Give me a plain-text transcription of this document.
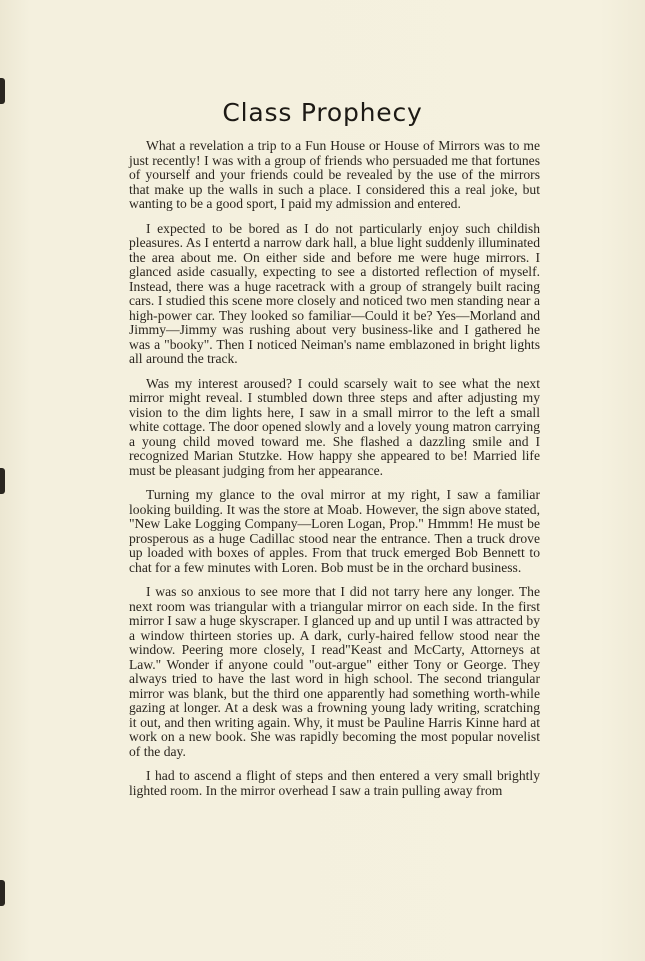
Class Prophecy

What a revelation a trip to a Fun House or House of Mirrors was to me just recently! I was with a group of friends who persuaded me that fortunes of yourself and your friends could be revealed by the use of the mirrors that make up the walls in such a place. I considered this a real joke, but wanting to be a good sport, I paid my admission and entered.

I expected to be bored as I do not particularly enjoy such childish pleasures. As I entertd a narrow dark hall, a blue light suddenly illuminated the area about me. On either side and before me were huge mirrors. I glanced aside casually, expecting to see a distorted reflection of myself. Instead, there was a huge racetrack with a group of strangely built racing cars. I studied this scene more closely and noticed two men standing near a high-power car. They looked so familiar—Could it be? Yes—Morland and Jimmy—Jimmy was rushing about very business-like and I gathered he was a "booky". Then I noticed Neiman's name emblazoned in bright lights all around the track.

Was my interest aroused? I could scarsely wait to see what the next mirror might reveal. I stumbled down three steps and after adjusting my vision to the dim lights here, I saw in a small mirror to the left a small white cottage. The door opened slowly and a lovely young matron carrying a young child moved toward me. She flashed a dazzling smile and I recognized Marian Stutzke. How happy she appeared to be! Married life must be pleasant judging from her appearance.

Turning my glance to the oval mirror at my right, I saw a familiar looking building. It was the store at Moab. However, the sign above stated, "New Lake Logging Company—Loren Logan, Prop." Hmmm! He must be prosperous as a huge Cadillac stood near the entrance. Then a truck drove up loaded with boxes of apples. From that truck emerged Bob Bennett to chat for a few minutes with Loren. Bob must be in the orchard business.

I was so anxious to see more that I did not tarry here any longer. The next room was triangular with a triangular mirror on each side. In the first mirror I saw a huge skyscraper. I glanced up and up until I was attracted by a window thirteen stories up. A dark, curly-haired fellow stood near the window. Peering more closely, I read"Keast and McCarty, Attorneys at Law." Wonder if anyone could "out-argue" either Tony or George. They always tried to have the last word in high school. The second triangular mirror was blank, but the third one apparently had something worth-while gazing at longer. At a desk was a frowning young lady writing, scratching it out, and then writing again. Why, it must be Pauline Harris Kinne hard at work on a new book. She was rapidly becoming the most popular novelist of the day.

I had to ascend a flight of steps and then entered a very small brightly lighted room. In the mirror overhead I saw a train pulling away from
